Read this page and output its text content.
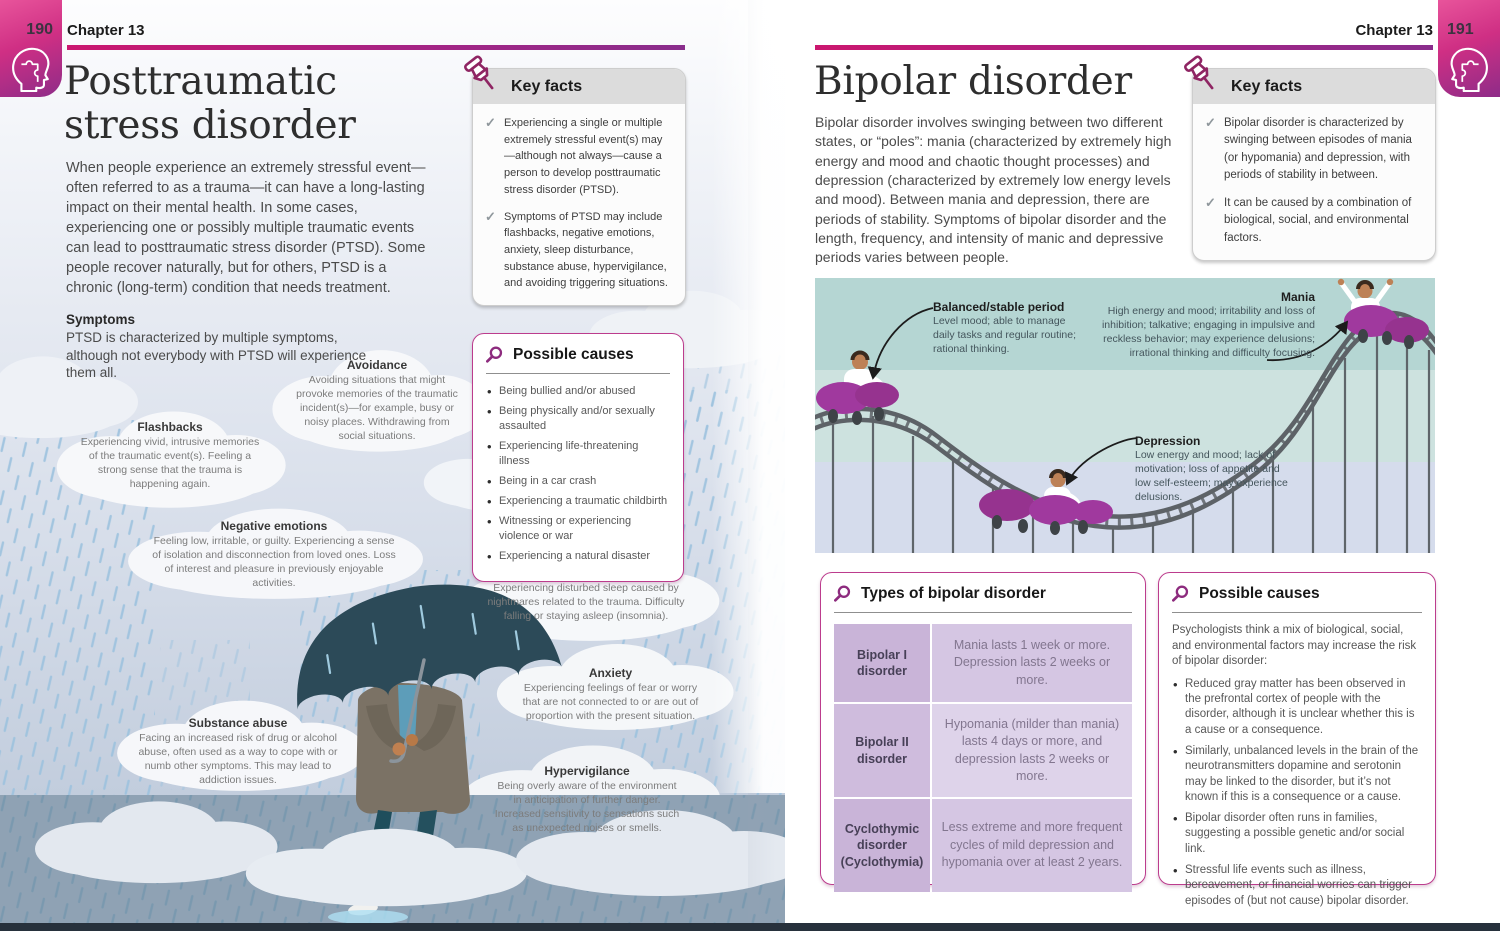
190 Chapter 13
Posttraumatic stress disorder

When people experience an extremely stressful event—often referred to as a trauma—it can have a long-lasting impact on their mental health. In some cases, experiencing one or possibly multiple traumatic events can lead to posttraumatic stress disorder (PTSD). Some people recover naturally, but for others, PTSD is a chronic (long-term) condition that needs treatment.

Symptoms

PTSD is characterized by multiple symptoms, although not everybody with PTSD will experience them all.

Key facts
✓

Experiencing a single or multiple extremely stressful event(s) may—although not always—cause a person to develop posttraumatic stress disorder (PTSD).

✓

Symptoms of PTSD may include flashbacks, negative emotions, anxiety, sleep disturbance, substance abuse, hypervigilance, and avoiding triggering situations.

Possible causes
• Being bullied and/or abused
• Being physically and/or sexually assaulted
• Experiencing life-threatening illness
• Being in a car crash
• Experiencing a traumatic childbirth
• Witnessing or experiencing violence or war
• Experiencing a natural disaster
Avoidance

Avoiding situations that might provoke memories of the traumatic incident(s)—for example, busy or noisy places. Withdrawing from social situations.

Flashbacks

Experiencing vivid, intrusive memories of the traumatic event(s). Feeling a strong sense that the trauma is happening again.

Negative emotions

Feeling low, irritable, or guilty. Experiencing a sense of isolation and disconnection from loved ones. Loss of interest and pleasure in previously enjoyable activities.	Experiencing disturbed sleep caused by nightmares related to the trauma. Difficulty falling or staying asleep (insomnia).

Anxiety

Experiencing feelings of fear or worry that are not connected to or are out of proportion with the present situation.

Substance abuse

Facing an increased risk of drug or alcohol abuse, often used as a way to cope with or numb other symptoms. This may lead to addiction issues.

Hypervigilance

Being overly aware of the environment in anticipation of further danger. Increased sensitivity to sensations such as unexpected noises or smells.

191
Chapter 13
Bipolar disorder

Bipolar disorder involves swinging between two different states, or “poles”: mania (characterized by extremely high energy and mood and chaotic thought processes) and depression (characterized by extremely low energy levels and mood). Between mania and depression, there are periods of stability. Symptoms of bipolar disorder and the length, frequency, and intensity of manic and depressive periods varies between people.

Key facts
✓

Bipolar disorder is characterized by swinging between episodes of mania (or hypomania) and depression, with periods of stability in between.

✓

It can be caused by a combination of biological, social, and environmental factors.

Balanced/stable period

Level mood; able to manage daily tasks and regular routine; rational thinking.

Mania

High energy and mood; irritability and loss of inhibition; talkative; engaging in impulsive and reckless behavior; may experience delusions; irrational thinking and difficulty focusing.

Depression

Low energy and mood; lack of motivation; loss of appetite and low self-esteem; may experience delusions.

Types of bipolar disorder
Bipolar I disorder
Mania lasts 1 week or more. Depression lasts 2 weeks or more.
Bipolar II disorder
Hypomania (milder than mania) lasts 4 days or more, and depression lasts 2 weeks or more.
Cyclothymic disorder (Cyclothymia)
Less extreme and more frequent cycles of mild depression and hypomania over at least 2 years.
Possible causes

Psychologists think a mix of biological, social, and environmental factors may increase the risk of bipolar disorder:

• Reduced gray matter has been observed in the prefrontal cortex of people with the disorder, although it is unclear whether this is a cause or a consequence.
• Similarly, unbalanced levels in the brain of the neurotransmitters dopamine and serotonin may be linked to the disorder, but it’s not known if this is a consequence or a cause.
• Bipolar disorder often runs in families, suggesting a possible genetic and/or social link.
• Stressful life events such as illness, bereavement, or financial worries can trigger episodes of (but not cause) bipolar disorder.
